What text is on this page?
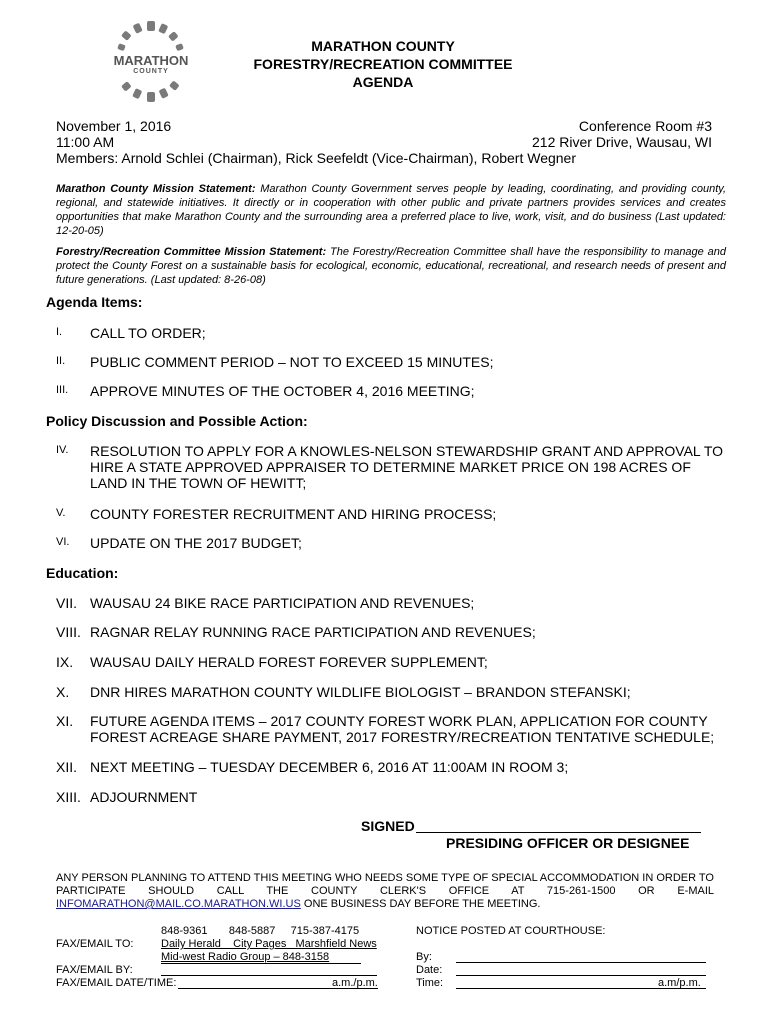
MARATHON
COUNTY
MARATHON COUNTY
FORESTRY/RECREATION COMMITTEE
AGENDA
November 1, 2016
11:00 AM
Conference Room #3
212 River Drive, Wausau, WI
Members: Arnold Schlei (Chairman), Rick Seefeldt (Vice-Chairman), Robert Wegner
Marathon County Mission Statement: Marathon County Government serves people by leading, coordinating, and providing county, regional, and statewide initiatives. It directly or in cooperation with other public and private partners provides services and creates opportunities that make Marathon County and the surrounding area a preferred place to live, work, visit, and do business (Last updated: 12-20-05)
Forestry/Recreation Committee Mission Statement: The Forestry/Recreation Committee shall have the responsibility to manage and protect the County Forest on a sustainable basis for ecological, economic, educational, recreational, and research needs of present and future generations. (Last updated: 8-26-08)
Agenda Items:
I.	CALL TO ORDER;
II.	PUBLIC COMMENT PERIOD – NOT TO EXCEED 15 MINUTES;
III.	APPROVE MINUTES OF THE OCTOBER 4, 2016 MEETING;
Policy Discussion and Possible Action:
IV.	RESOLUTION TO APPLY FOR A KNOWLES-NELSON STEWARDSHIP GRANT AND APPROVAL TO HIRE A STATE APPROVED APPRAISER TO DETERMINE MARKET PRICE ON 198 ACRES OF LAND IN THE TOWN OF HEWITT;
V.	COUNTY FORESTER RECRUITMENT AND HIRING PROCESS;
VI.	UPDATE ON THE 2017 BUDGET;
Education:
VII. WAUSAU 24 BIKE RACE PARTICIPATION AND REVENUES;
VIII. RAGNAR RELAY RUNNING RACE PARTICIPATION AND REVENUES;
IX.	WAUSAU DAILY HERALD FOREST FOREVER SUPPLEMENT;
X.	DNR HIRES MARATHON COUNTY WILDLIFE BIOLOGIST – BRANDON STEFANSKI;
XI.	FUTURE AGENDA ITEMS – 2017 COUNTY FOREST WORK PLAN, APPLICATION FOR COUNTY FOREST ACREAGE SHARE PAYMENT, 2017 FORESTRY/RECREATION TENTATIVE SCHEDULE;
XII. NEXT MEETING – TUESDAY DECEMBER 6, 2016 AT 11:00AM IN ROOM 3;
XIII. ADJOURNMENT
SIGNED
PRESIDING OFFICER OR DESIGNEE
ANY PERSON PLANNING TO ATTEND THIS MEETING WHO NEEDS SOME TYPE OF SPECIAL ACCOMMODATION IN ORDER TO PARTICIPATE SHOULD CALL THE COUNTY CLERK'S OFFICE AT 715-261-1500 OR E-MAIL INFOMARATHON@MAIL.CO.MARATHON.WI.US ONE BUSINESS DAY BEFORE THE MEETING.
848-9361       848-5887     715-387-4175
FAX/EMAIL TO:	Daily Herald    City Pages   Marshfield News
Mid-west Radio Group – 848-3158
FAX/EMAIL BY:
FAX/EMAIL DATE/TIME:	a.m./p.m.
NOTICE POSTED AT COURTHOUSE:
By:
Date:
Time:	a.m/p.m.
